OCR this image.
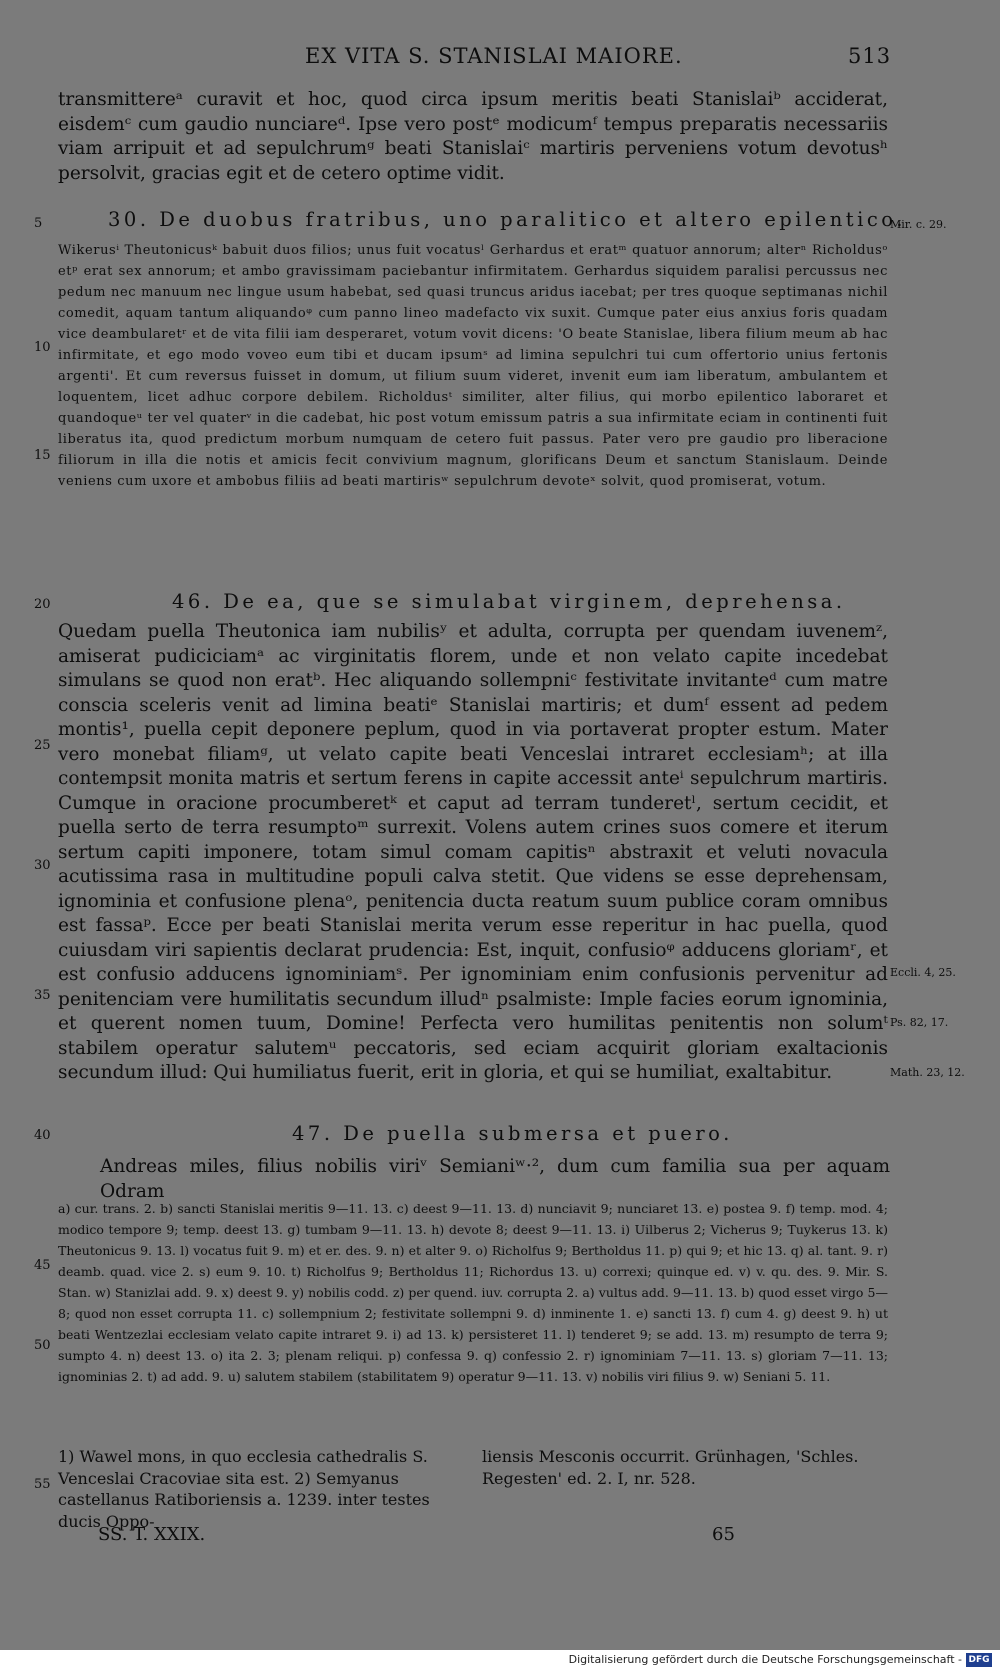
EX VITA S. STANISLAI MAIORE.	513
transmittereᵃ curavit et hoc, quod circa ipsum meritis beati Stanislaiᵇ acciderat, eisdemᶜ cum gaudio nunciareᵈ. Ipse vero postᵉ modicumᶠ tempus preparatis necessariis viam arripuit et ad sepulchrumᵍ beati Stanislaiᶜ martiris perveniens votum devotusʰ persolvit, gracias egit et de cetero optime vidit.
30. De duobus fratribus, uno paralitico et altero epilentico.
Wikerusⁱ Theutonicusᵏ babuit duos filios; unus fuit vocatusˡ Gerhardus et eratᵐ quatuor annorum; alterⁿ Richoldusᵒ etᵖ erat sex annorum; et ambo gravissimam paciebantur infirmitatem. Gerhardus siquidem paralisi percussus nec pedum nec manuum nec lingue usum habebat, sed quasi truncus aridus iacebat; per tres quoque septimanas nichil comedit, aquam tantum aliquandoᵠ cum panno lineo madefacto vix suxit. Cumque pater eius anxius foris quadam vice deambularetʳ et de vita filii iam desperaret, votum vovit dicens: 'O beate Stanislae, libera filium meum ab hac infirmitate, et ego modo voveo eum tibi et ducam ipsumˢ ad limina sepulchri tui cum offertorio unius fertonis argenti'. Et cum reversus fuisset in domum, ut filium suum videret, invenit eum iam liberatum, ambulantem et loquentem, licet adhuc corpore debilem. Richoldusᵗ similiter, alter filius, qui morbo epilentico laboraret et quandoqueᵘ ter vel quaterᵛ in die cadebat, hic post votum emissum patris a sua infirmitate eciam in continenti fuit liberatus ita, quod predictum morbum numquam de cetero fuit passus. Pater vero pre gaudio pro liberacione filiorum in illa die notis et amicis fecit convivium magnum, glorificans Deum et sanctum Stanislaum. Deinde veniens cum uxore et ambobus filiis ad beati martirisʷ sepulchrum devoteˣ solvit, quod promiserat, votum.
46. De ea, que se simulabat virginem, deprehensa.
Quedam puella Theutonica iam nubilisʸ et adulta, corrupta per quendam iuvenemᶻ, amiserat pudiciciamᵃ ac virginitatis florem, unde et non velato capite incedebat simulans se quod non eratᵇ. Hec aliquando sollempniᶜ festivitate invitanteᵈ cum matre conscia sceleris venit ad limina beatiᵉ Stanislai martiris; et dumᶠ essent ad pedem montis¹, puella cepit deponere peplum, quod in via portaverat propter estum. Mater vero monebat filiamᵍ, ut velato capite beati Venceslai intraret ecclesiamʰ; at illa contempsit monita matris et sertum ferens in capite accessit anteⁱ sepulchrum martiris. Cumque in oracione procumberetᵏ et caput ad terram tunderetˡ, sertum cecidit, et puella serto de terra resumptoᵐ surrexit. Volens autem crines suos comere et iterum sertum capiti imponere, totam simul comam capitisⁿ abstraxit et veluti novacula acutissima rasa in multitudine populi calva stetit. Que videns se esse deprehensam, ignominia et confusione plenaᵒ, penitencia ducta reatum suum publice coram omnibus est fassaᵖ. Ecce per beati Stanislai merita verum esse reperitur in hac puella, quod cuiusdam viri sapientis declarat prudencia: Est, inquit, confusioᵠ adducens gloriamʳ, et est confusio adducens ignominiamˢ. Per ignominiam enim confusionis pervenitur ad penitenciam vere humilitatis secundum illudⁿ psalmiste: Imple facies eorum ignominia, et querent nomen tuum, Domine! Perfecta vero humilitas penitentis non solumᵗ stabilem operatur salutemᵘ peccatoris, sed eciam acquirit gloriam exaltacionis secundum illud: Qui humiliatus fuerit, erit in gloria, et qui se humiliat, exaltabitur.
47. De puella submersa et puero.
Andreas miles, filius nobilis viriᵛ Semianiʷ·², dum cum familia sua per aquam Odram
5
10
15
20
25
30
35
40
45
50
55
Mir. c. 29.
Eccli. 4, 25.
Ps. 82, 17.
Math. 23, 12.
a) cur. trans. 2. b) sancti Stanislai meritis 9—11. 13. c) deest 9—11. 13. d) nunciavit 9; nunciaret 13. e) postea 9. f) temp. mod. 4; modico tempore 9; temp. deest 13. g) tumbam 9—11. 13. h) devote 8; deest 9—11. 13. i) Uilberus 2; Vicherus 9; Tuykerus 13. k) Theutonicus 9. 13. l) vocatus fuit 9. m) et er. des. 9. n) et alter 9. o) Richolfus 9; Bertholdus 11. p) qui 9; et hic 13. q) al. tant. 9. r) deamb. quad. vice 2. s) eum 9. 10. t) Richolfus 9; Bertholdus 11; Richordus 13. u) correxi; quinque ed. v) v. qu. des. 9. Mir. S. Stan. w) Stanizlai add. 9. x) deest 9. y) nobilis codd. z) per quend. iuv. corrupta 2. a) vultus add. 9—11. 13. b) quod esset virgo 5—8; quod non esset corrupta 11. c) sollempnium 2; festivitate sollempni 9. d) inminente 1. e) sancti 13. f) cum 4. g) deest 9. h) ut beati Wentzezlai ecclesiam velato capite intraret 9. i) ad 13. k) persisteret 11. l) tenderet 9; se add. 13. m) resumpto de terra 9; sumpto 4. n) deest 13. o) ita 2. 3; plenam reliqui. p) confessa 9. q) confessio 2. r) ignominiam 7—11. 13. s) gloriam 7—11. 13; ignominias 2. t) ad add. 9. u) salutem stabilem (stabilitatem 9) operatur 9—11. 13. v) nobilis viri filius 9. w) Seniani 5. 11.
1) Wawel mons, in quo ecclesia cathedralis S. Venceslai Cracoviae sita est. 2) Semyanus castellanus Ratiboriensis a. 1239. inter testes ducis Oppo-
liensis Mesconis occurrit. Grünhagen, 'Schles. Regesten' ed. 2. I, nr. 528.
SS. T. XXIX.	65
Digitalisierung gefördert durch die Deutsche Forschungsgemeinschaft - DFG
